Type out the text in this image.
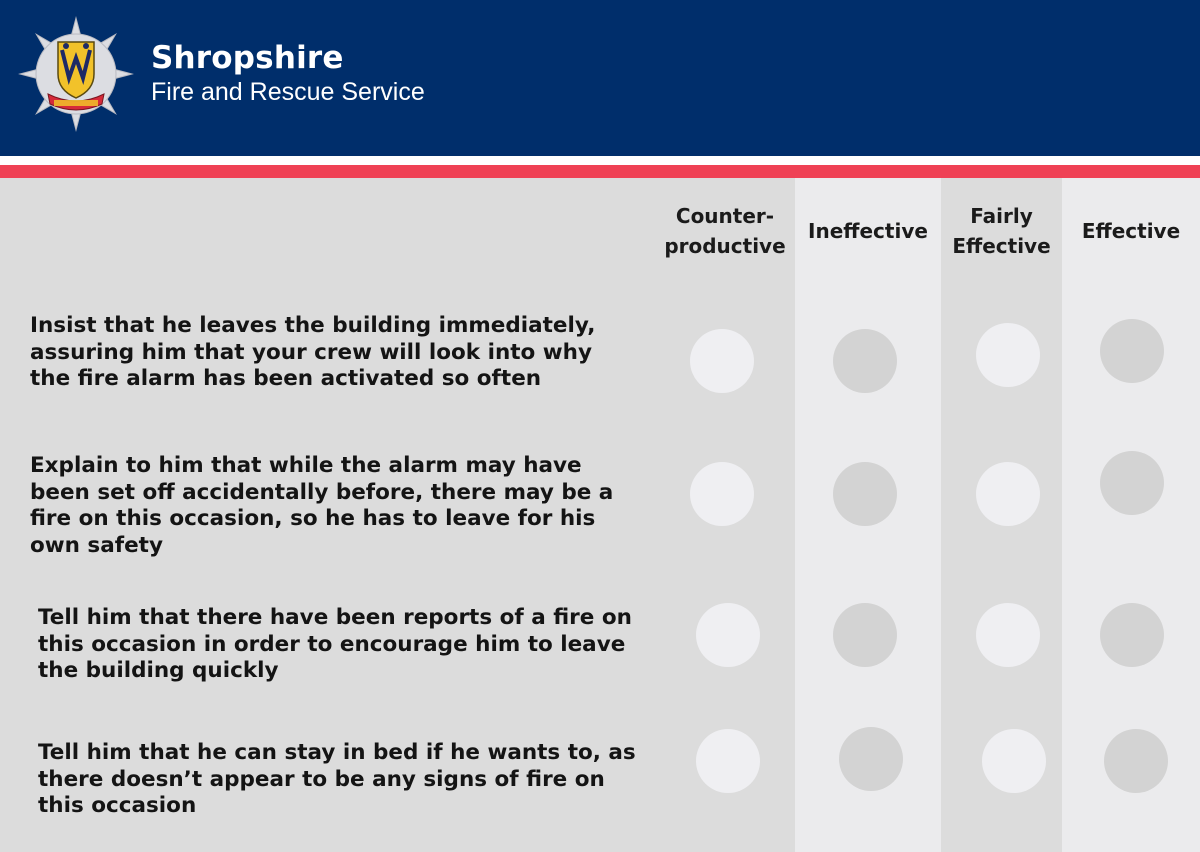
Shropshire
Fire and Rescue Service
Counter-
productive
Ineffective
Fairly
Effective
Effective

Insist that he leaves the building immediately, assuring him that your crew will look into why the fire alarm has been activated so often

Explain to him that while the alarm may have been set off accidentally before, there may be a fire on this occasion, so he has to leave for his own safety

Tell him that there have been reports of a fire on this occasion in order to encourage him to leave the building quickly

Tell him that he can stay in bed if he wants to, as there doesn’t appear to be any signs of fire on this occasion
